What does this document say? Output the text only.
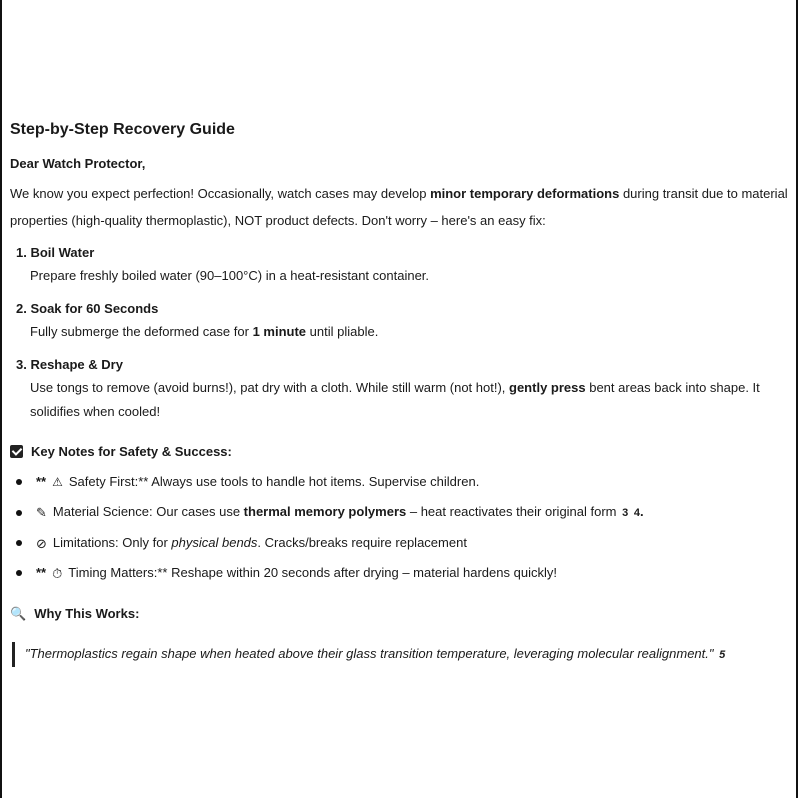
Step-by-Step Recovery Guide
Dear Watch Protector,

We know you expect perfection! Occasionally, watch cases may develop minor temporary deformations during transit due to material properties (high-quality thermoplastic), NOT product defects. Don't worry – here's an easy fix:

1. Boil Water
Prepare freshly boiled water (90–100°C) in a heat-resistant container.
2. Soak for 60 Seconds
Fully submerge the deformed case for 1 minute until pliable.
3. Reshape & Dry
Use tongs to remove (avoid burns!), pat dry with a cloth. While still warm (not hot!), gently press bent areas back into shape. It solidifies when cooled!
Key Notes for Safety & Success:
** ⚠ Safety First:** Always use tools to handle hot items. Supervise children.
✎ Material Science: Our cases use thermal memory polymers – heat reactivates their original form 3 4.
⊘ Limitations: Only for physical bends. Cracks/breaks require replacement
** ⏱ Timing Matters:** Reshape within 20 seconds after drying – material hardens quickly!
🔍 Why This Works:
"Thermoplastics regain shape when heated above their glass transition temperature, leveraging molecular realignment." 5
